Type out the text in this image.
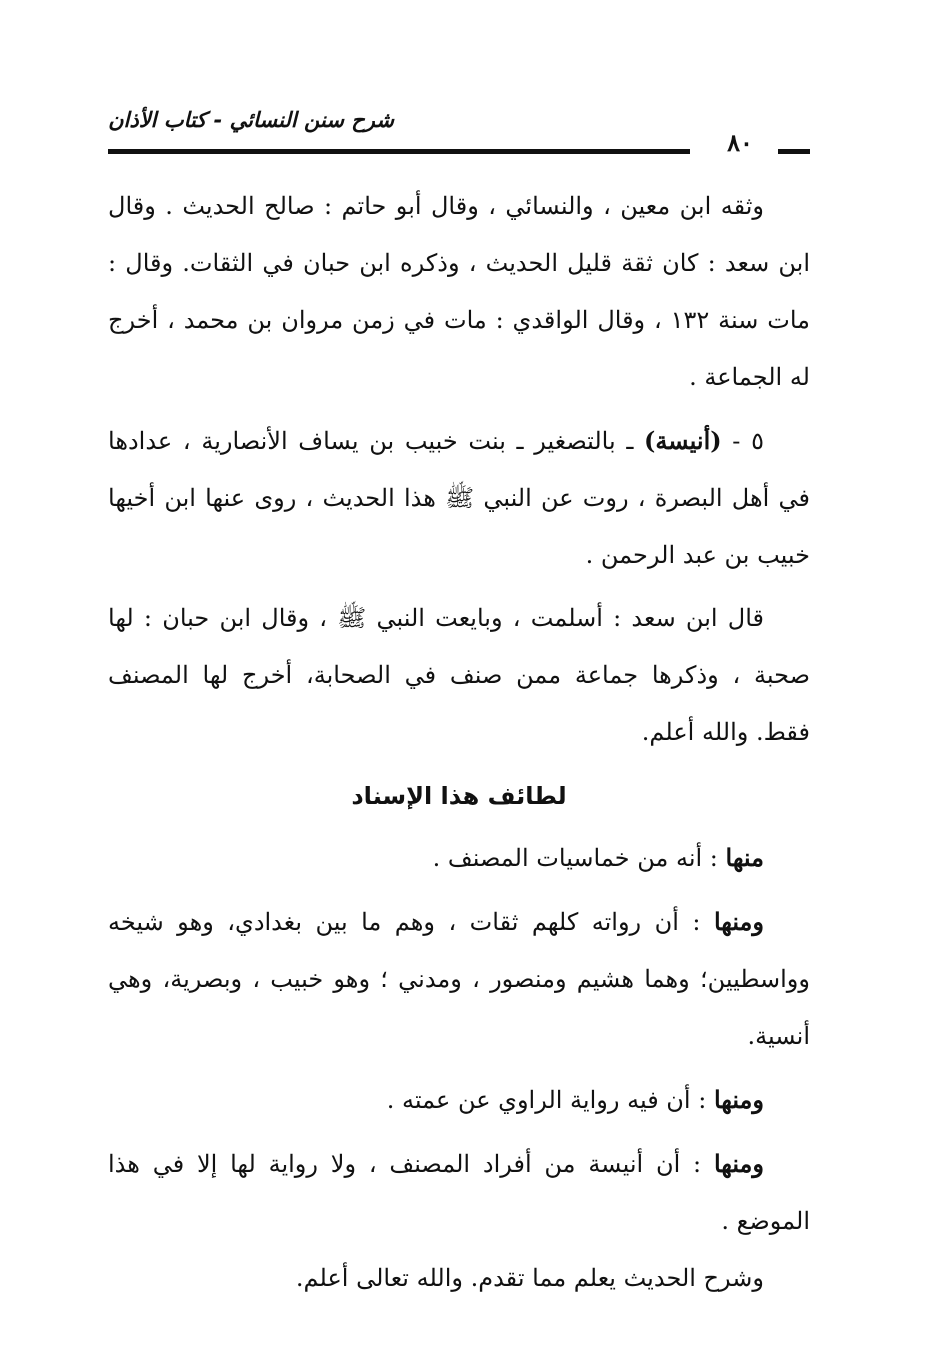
شرح سنن النسائي - كتاب الأذان
٨٠

وثقه ابن معين ، والنسائي ، وقال أبو حاتم : صالح الحديث . وقال ابن سعد : كان ثقة قليل الحديث ، وذكره ابن حبان في الثقات. وقال : مات سنة ١٣٢ ، وقال الواقدي : مات في زمن مروان بن محمد ، أخرج له الجماعة .

٥ - (أنيسة) ـ بالتصغير ـ بنت خبيب بن يساف الأنصارية ، عدادها في أهل البصرة ، روت عن النبي ﷺ هذا الحديث ، روى عنها ابن أخيها خبيب بن عبد الرحمن .

قال ابن سعد : أسلمت ، وبايعت النبي ﷺ ، وقال ابن حبان : لها صحبة ، وذكرها جماعة ممن صنف في الصحابة، أخرج لها المصنف فقط. والله أعلم.

لطائف هذا الإسناد

منها : أنه من خماسيات المصنف .

ومنها : أن رواته كلهم ثقات ، وهم ما بين بغدادي، وهو شيخه وواسطيين؛ وهما هشيم ومنصور ، ومدني ؛ وهو خبيب ، وبصرية، وهي أنسية.

ومنها : أن فيه رواية الراوي عن عمته .

ومنها : أن أنيسة من أفراد المصنف ، ولا رواية لها إلا في هذا الموضع .

وشرح الحديث يعلم مما تقدم. والله تعالى أعلم.
